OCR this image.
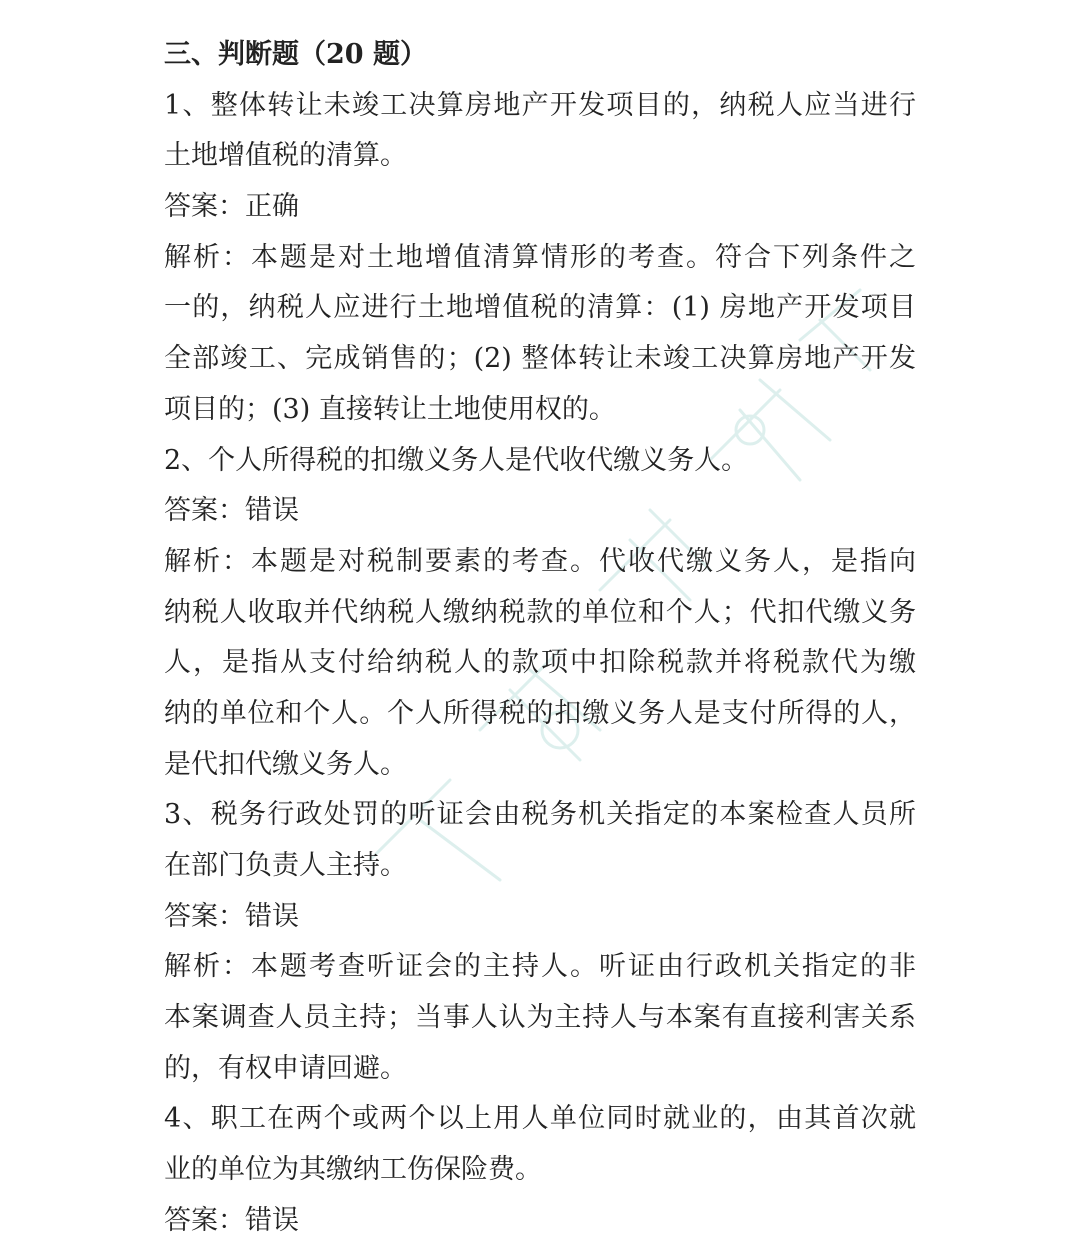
三、判断题（20 题）
1、整体转让未竣工决算房地产开发项目的，纳税人应当进行
土地增值税的清算。
答案：正确
解析：本题是对土地增值清算情形的考查。符合下列条件之
一的，纳税人应进行土地增值税的清算：(1) 房地产开发项目
全部竣工、完成销售的；(2) 整体转让未竣工决算房地产开发
项目的；(3) 直接转让土地使用权的。
2、个人所得税的扣缴义务人是代收代缴义务人。
答案：错误
解析：本题是对税制要素的考查。代收代缴义务人，是指向
纳税人收取并代纳税人缴纳税款的单位和个人；代扣代缴义务
人，是指从支付给纳税人的款项中扣除税款并将税款代为缴
纳的单位和个人。个人所得税的扣缴义务人是支付所得的人，
是代扣代缴义务人。
3、税务行政处罚的听证会由税务机关指定的本案检查人员所
在部门负责人主持。
答案：错误
解析：本题考查听证会的主持人。听证由行政机关指定的非
本案调查人员主持；当事人认为主持人与本案有直接利害关系
的，有权申请回避。
4、职工在两个或两个以上用人单位同时就业的，由其首次就
业的单位为其缴纳工伤保险费。
答案：错误
